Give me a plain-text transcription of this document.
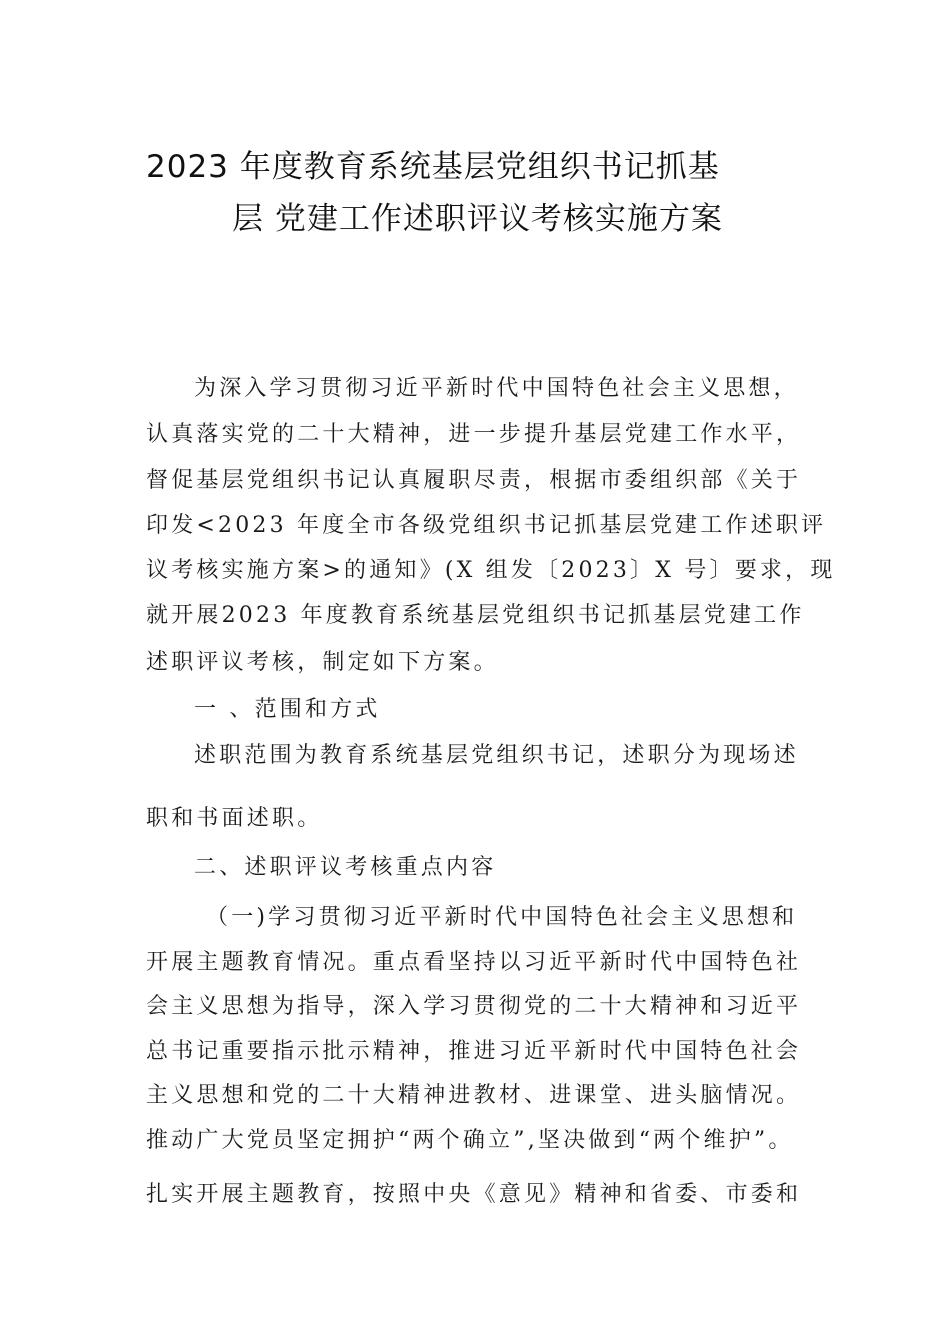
2023 年度教育系统基层党组织书记抓基
层 党建工作述职评议考核实施方案
为深入学习贯彻习近平新时代中国特色社会主义思想，
认真落实党的二十大精神，进一步提升基层党建工作水平，
督促基层党组织书记认真履职尽责，根据市委组织部《关于
印发<2023 年度全市各级党组织书记抓基层党建工作述职评
议考核实施方案>的通知》(X 组发〔2023〕X 号〕要求，现
就开展2023 年度教育系统基层党组织书记抓基层党建工作
述职评议考核，制定如下方案。
一 、范围和方式
述职范围为教育系统基层党组织书记，述职分为现场述
职和书面述职。
二、述职评议考核重点内容
（一)学习贯彻习近平新时代中国特色社会主义思想和
开展主题教育情况。重点看坚持以习近平新时代中国特色社
会主义思想为指导，深入学习贯彻党的二十大精神和习近平
总书记重要指示批示精神，推进习近平新时代中国特色社会
主义思想和党的二十大精神进教材、进课堂、进头脑情况。
推动广大党员坚定拥护“两个确立”,坚决做到“两个维护”。
扎实开展主题教育，按照中央《意见》精神和省委、市委和
